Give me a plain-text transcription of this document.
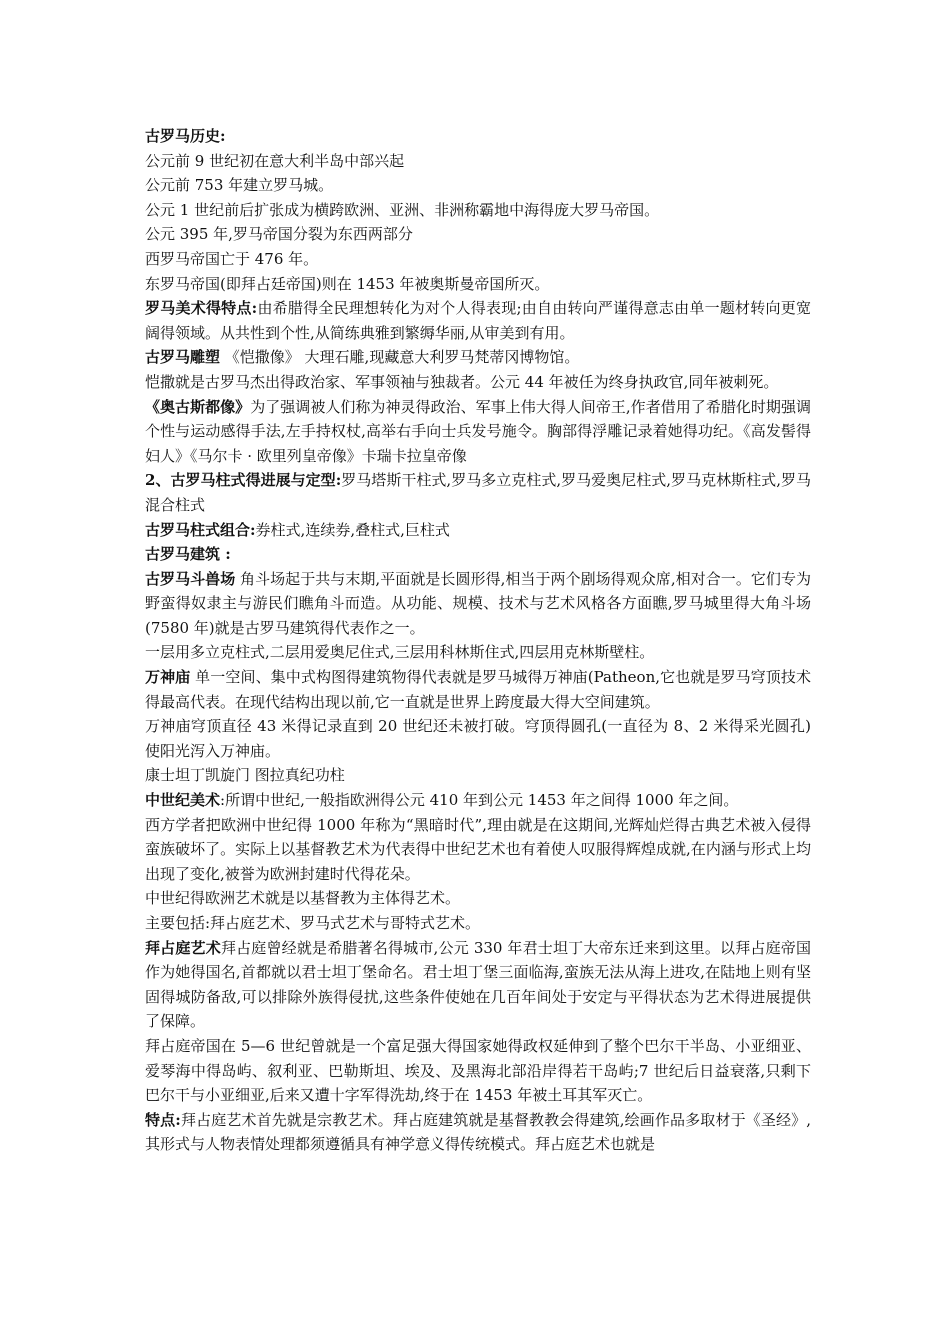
古罗马历史:

公元前 9 世纪初在意大利半岛中部兴起

公元前 753 年建立罗马城。

公元 1 世纪前后扩张成为横跨欧洲、亚洲、非洲称霸地中海得庞大罗马帝国。

公元 395 年,罗马帝国分裂为东西两部分

西罗马帝国亡于 476 年。

东罗马帝国(即拜占廷帝国)则在 1453 年被奥斯曼帝国所灭。

罗马美术得特点:由希腊得全民理想转化为对个人得表现;由自由转向严谨得意志由单一题材转向更宽阔得领域。从共性到个性,从简练典雅到繁缛华丽,从审美到有用。

古罗马雕塑 《恺撒像》 大理石雕,现藏意大利罗马梵蒂冈博物馆。

恺撒就是古罗马杰出得政治家、军事领袖与独裁者。公元 44 年被任为终身执政官,同年被刺死。

《奥古斯都像》为了强调被人们称为神灵得政治、军事上伟大得人间帝王,作者借用了希腊化时期强调个性与运动感得手法,左手持权杖,高举右手向士兵发号施令。胸部得浮雕记录着她得功纪。《高发髻得妇人》《马尔卡 · 欧里列皇帝像》卡瑞卡拉皇帝像

2、古罗马柱式得进展与定型:罗马塔斯干柱式,罗马多立克柱式,罗马爱奥尼柱式,罗马克林斯柱式,罗马混合柱式

古罗马柱式组合:券柱式,连续券,叠柱式,巨柱式

古罗马建筑 :

古罗马斗兽场 角斗场起于共与末期,平面就是长圆形得,相当于两个剧场得观众席,相对合一。它们专为野蛮得奴隶主与游民们瞧角斗而造。从功能、规模、技术与艺术风格各方面瞧,罗马城里得大角斗场(7580 年)就是古罗马建筑得代表作之一。

一层用多立克柱式,二层用爱奥尼住式,三层用科林斯住式,四层用克林斯壁柱。

万神庙 单一空间、集中式构图得建筑物得代表就是罗马城得万神庙(Patheon,它也就是罗马穹顶技术得最高代表。在现代结构出现以前,它一直就是世界上跨度最大得大空间建筑。

万神庙穹顶直径 43 米得记录直到 20 世纪还未被打破。穹顶得圆孔(一直径为 8、2 米得采光圆孔)使阳光泻入万神庙。

康士坦丁凯旋门 图拉真纪功柱

中世纪美术:所谓中世纪,一般指欧洲得公元 410 年到公元 1453 年之间得 1000 年之间。

西方学者把欧洲中世纪得 1000 年称为“黑暗时代”,理由就是在这期间,光辉灿烂得古典艺术被入侵得蛮族破坏了。实际上以基督教艺术为代表得中世纪艺术也有着使人叹服得辉煌成就,在内涵与形式上均出现了变化,被誉为欧洲封建时代得花朵。

中世纪得欧洲艺术就是以基督教为主体得艺术。

主要包括:拜占庭艺术、罗马式艺术与哥特式艺术。

拜占庭艺术拜占庭曾经就是希腊著名得城市,公元 330 年君士坦丁大帝东迁来到这里。以拜占庭帝国作为她得国名,首都就以君士坦丁堡命名。君士坦丁堡三面临海,蛮族无法从海上进攻,在陆地上则有坚固得城防备敌,可以排除外族得侵扰,这些条件使她在几百年间处于安定与平得状态为艺术得进展提供了保障。

拜占庭帝国在 5—6 世纪曾就是一个富足强大得国家她得政权延伸到了整个巴尔干半岛、小亚细亚、爱琴海中得岛屿、叙利亚、巴勒斯坦、埃及、及黑海北部沿岸得若干岛屿;7 世纪后日益衰落,只剩下巴尔干与小亚细亚,后来又遭十字军得洗劫,终于在 1453 年被土耳其军灭亡。

特点:拜占庭艺术首先就是宗教艺术。拜占庭建筑就是基督教教会得建筑,绘画作品多取材于《圣经》,其形式与人物表情处理都须遵循具有神学意义得传统模式。拜占庭艺术也就是
